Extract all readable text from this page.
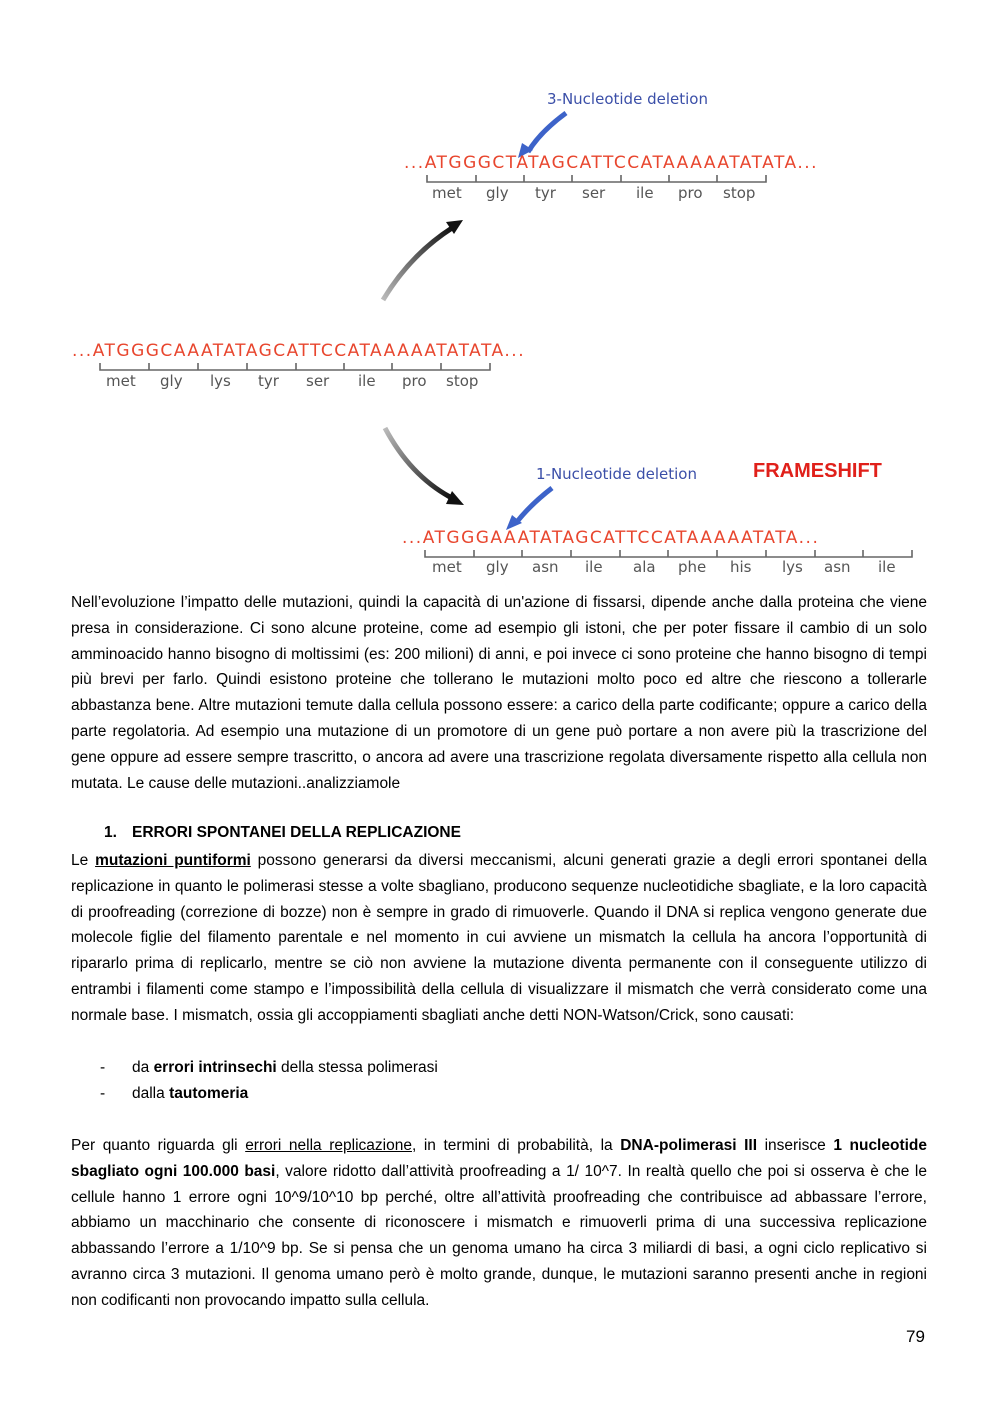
3-Nucleotide deletion
...ATGGGCTATAGCATTCCATAAAAATATATA...
met gly tyr ser ile pro stop
...ATGGGCAAATATAGCATTCCATAAAAATATATA...
met gly lys tyr ser ile pro stop
1-Nucleotide deletion	FRAMESHIFT
...ATGGGAAATATAGCATTCCATAAAAATATA...
met gly asn ile ala phe his lys asn ile

Nell’evoluzione l’impatto delle mutazioni, quindi la capacità di un'azione di fissarsi, dipende anche dalla proteina che viene presa in considerazione. Ci sono alcune proteine, come ad esempio gli istoni, che per poter fissare il cambio di un solo amminoacido hanno bisogno di moltissimi (es: 200 milioni) di anni, e poi invece ci sono proteine che hanno bisogno di tempi più brevi per farlo. Quindi esistono proteine che tollerano le mutazioni molto poco ed altre che riescono a tollerarle abbastanza bene. Altre mutazioni temute dalla cellula possono essere: a carico della parte codificante; oppure a carico della parte regolatoria. Ad esempio una mutazione di un promotore di un gene può portare a non avere più la trascrizione del gene oppure ad essere sempre trascritto, o ancora ad avere una trascrizione regolata diversamente rispetto alla cellula non mutata. Le cause delle mutazioni..analizziamole

1. ERRORI SPONTANEI DELLA REPLICAZIONE

Le mutazioni puntiformi possono generarsi da diversi meccanismi, alcuni generati grazie a degli errori spontanei della replicazione in quanto le polimerasi stesse a volte sbagliano, producono sequenze nucleotidiche sbagliate, e la loro capacità di proofreading (correzione di bozze) non è sempre in grado di rimuoverle. Quando il DNA si replica vengono generate due molecole figlie del filamento parentale e nel momento in cui avviene un mismatch la cellula ha ancora l’opportunità di ripararlo prima di replicarlo, mentre se ciò non avviene la mutazione diventa permanente con il conseguente utilizzo di entrambi i filamenti come stampo e l’impossibilità della cellula di visualizzare il mismatch che verrà considerato come una normale base. I mismatch, ossia gli accoppiamenti sbagliati anche detti NON-Watson/Crick, sono causati:

- da errori intrinsechi della stessa polimerasi
- dalla tautomeria

Per quanto riguarda gli errori nella replicazione, in termini di probabilità, la DNA-polimerasi III inserisce 1 nucleotide sbagliato ogni 100.000 basi, valore ridotto dall’attività proofreading a 1/ 10^7. In realtà quello che poi si osserva è che le cellule hanno 1 errore ogni 10^9/10^10 bp perché, oltre all’attività proofreading che contribuisce ad abbassare l’errore, abbiamo un macchinario che consente di riconoscere i mismatch e rimuoverli prima di una successiva replicazione abbassando l’errore a 1/10^9 bp. Se si pensa che un genoma umano ha circa 3 miliardi di basi, a ogni ciclo replicativo si avranno circa 3 mutazioni. Il genoma umano però è molto grande, dunque, le mutazioni saranno presenti anche in regioni non codificanti non provocando impatto sulla cellula.

79
